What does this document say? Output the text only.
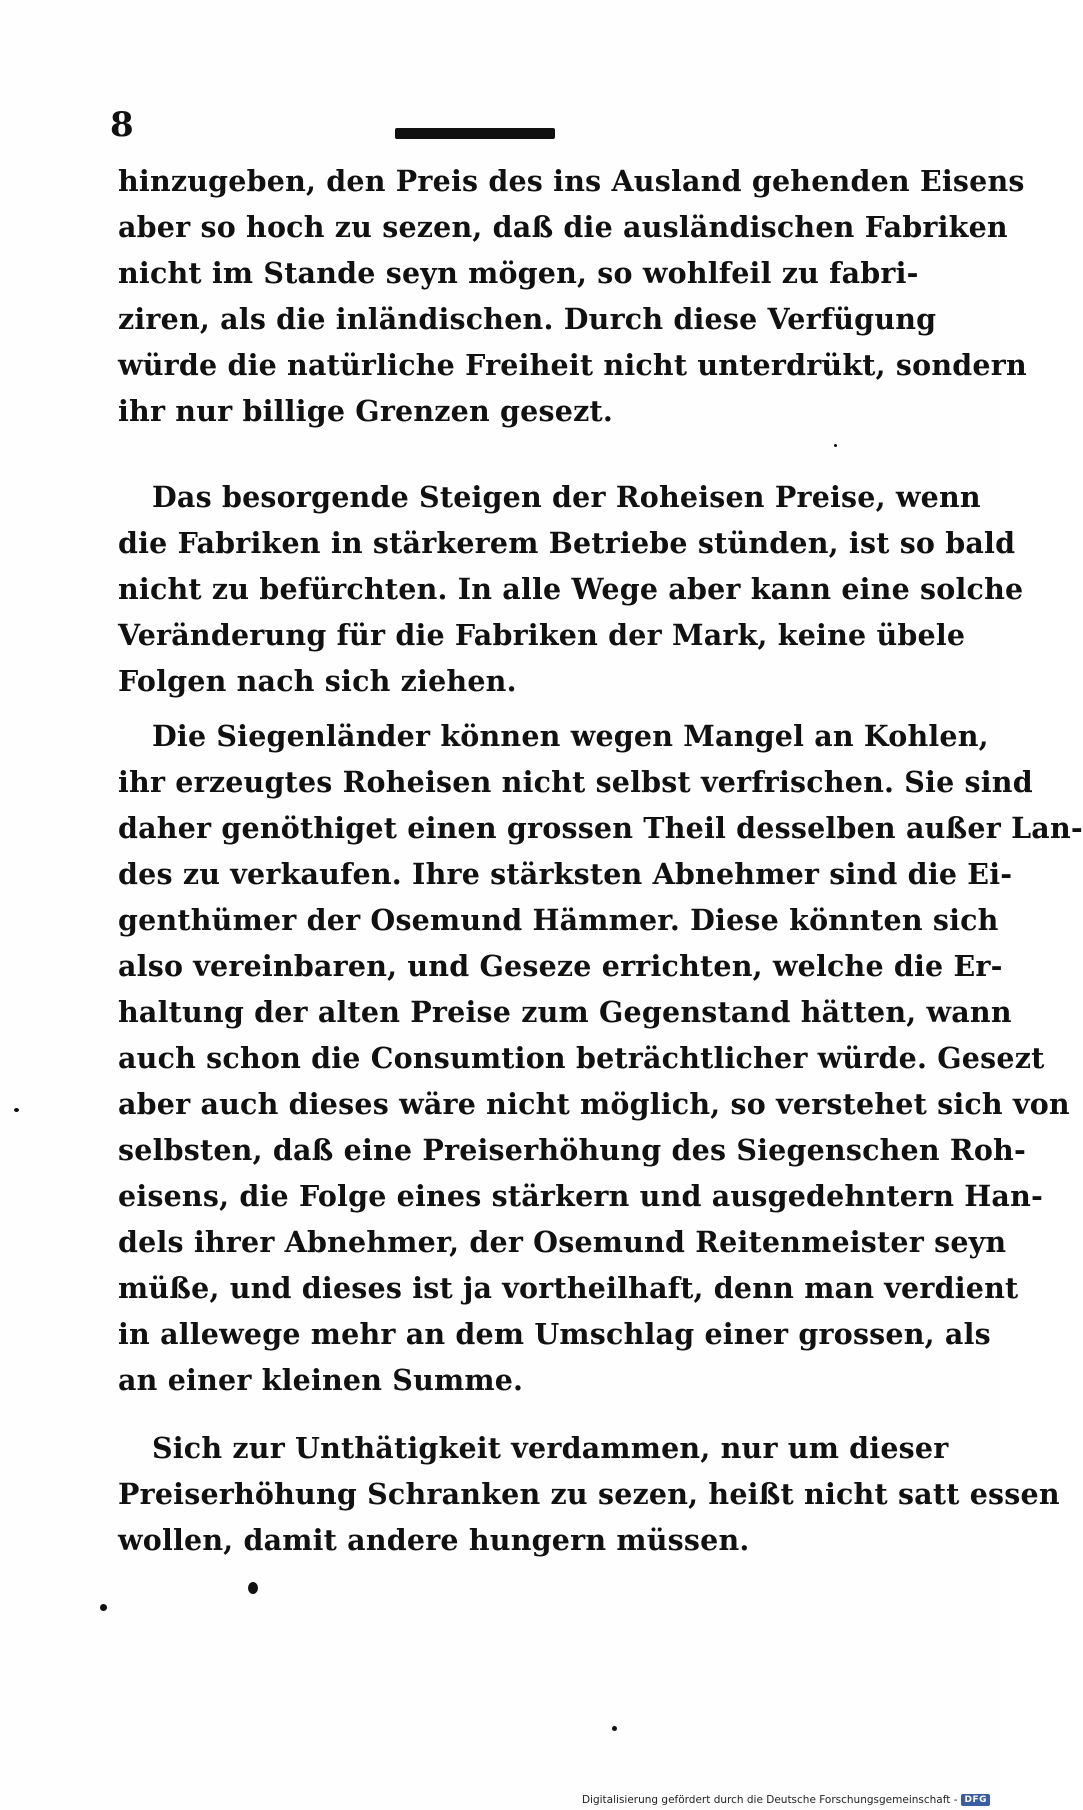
8
hinzugeben, den Preis des ins Ausland gehenden Eisens
aber so hoch zu sezen, daß die ausländischen Fabriken
nicht im Stande seyn mögen, so wohlfeil zu fabri-
ziren, als die inländischen. Durch diese Verfügung
würde die natürliche Freiheit nicht unterdrükt, sondern
ihr nur billige Grenzen gesezt.
Das besorgende Steigen der Roheisen Preise, wenn
die Fabriken in stärkerem Betriebe stünden, ist so bald
nicht zu befürchten. In alle Wege aber kann eine solche
Veränderung für die Fabriken der Mark, keine übele
Folgen nach sich ziehen.
Die Siegenländer können wegen Mangel an Kohlen,
ihr erzeugtes Roheisen nicht selbst verfrischen. Sie sind
daher genöthiget einen grossen Theil desselben außer Lan-
des zu verkaufen. Ihre stärksten Abnehmer sind die Ei-
genthümer der Osemund Hämmer. Diese könnten sich
also vereinbaren, und Geseze errichten, welche die Er-
haltung der alten Preise zum Gegenstand hätten, wann
auch schon die Consumtion beträchtlicher würde. Gesezt
aber auch dieses wäre nicht möglich, so verstehet sich von
selbsten, daß eine Preiserhöhung des Siegenschen Roh-
eisens, die Folge eines stärkern und ausgedehntern Han-
dels ihrer Abnehmer, der Osemund Reitenmeister seyn
müße, und dieses ist ja vortheilhaft, denn man verdient
in allewege mehr an dem Umschlag einer grossen, als
an einer kleinen Summe.
Sich zur Unthätigkeit verdammen, nur um dieser
Preiserhöhung Schranken zu sezen, heißt nicht satt essen
wollen, damit andere hungern müssen.
Digitalisierung gefördert durch die Deutsche Forschungsgemeinschaft - DFG
